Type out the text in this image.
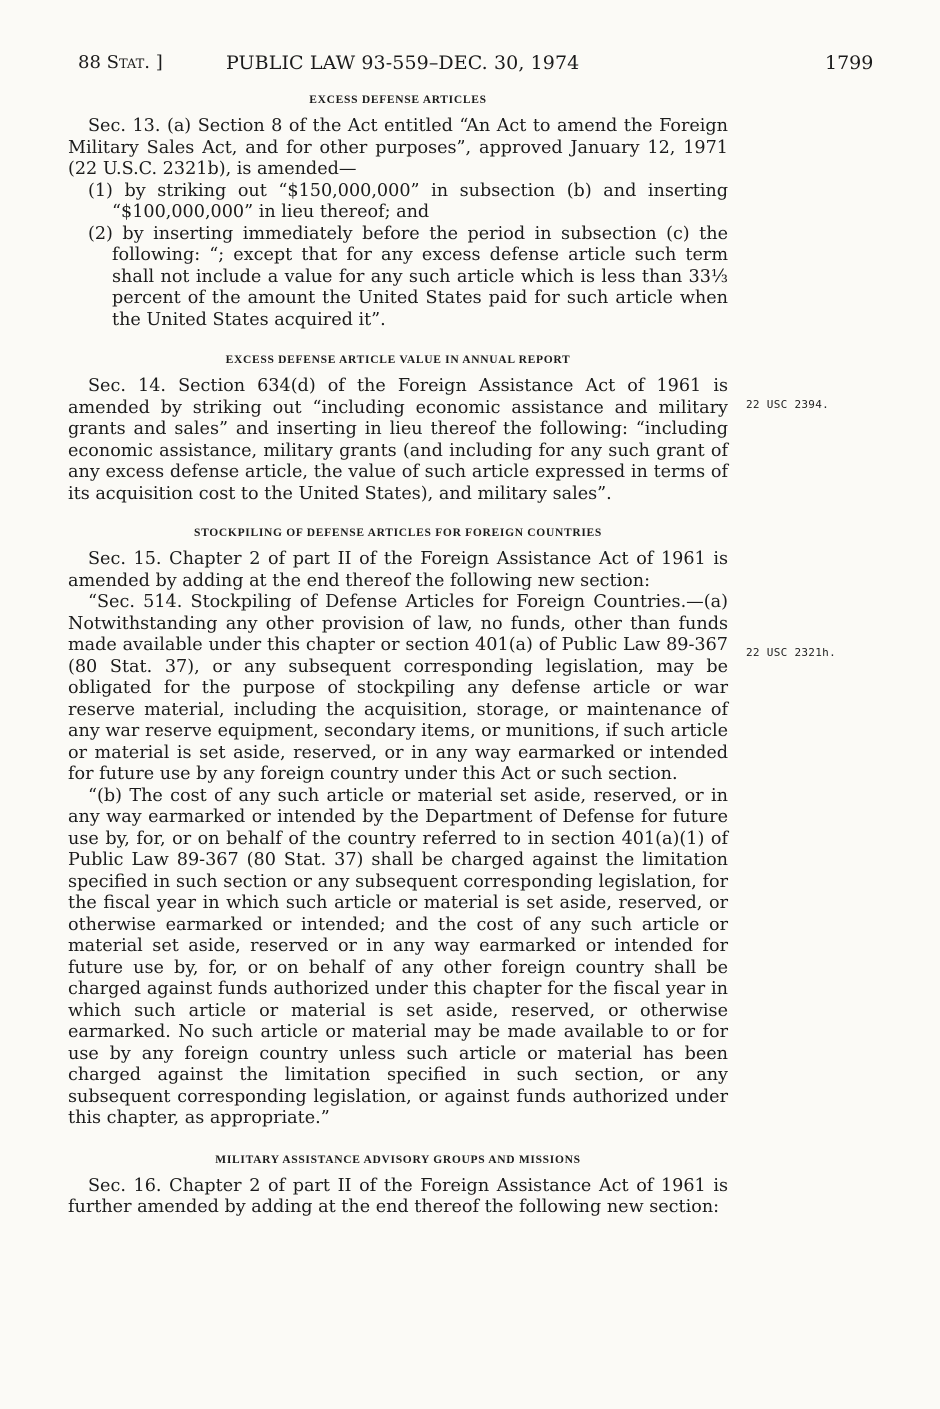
88 Stat. ]	PUBLIC LAW 93-559–DEC. 30, 1974	1799
EXCESS DEFENSE ARTICLES

Sec. 13. (a) Section 8 of the Act entitled “An Act to amend the Foreign Military Sales Act, and for other purposes”, approved January 12, 1971 (22 U.S.C. 2321b), is amended—

(1) by striking out “$150,000,000” in subsection (b) and inserting “$100,000,000” in lieu thereof; and

(2) by inserting immediately before the period in subsection (c) the following: “; except that for any excess defense article such term shall not include a value for any such article which is less than 33⅓ percent of the amount the United States paid for such article when the United States acquired it”.

EXCESS DEFENSE ARTICLE VALUE IN ANNUAL REPORT

Sec. 14. Section 634(d) of the Foreign Assistance Act of 1961 is amended by striking out “including economic assistance and military grants and sales” and inserting in lieu thereof the following: “including economic assistance, military grants (and including for any such grant of any excess defense article, the value of such article expressed in terms of its acquisition cost to the United States), and military sales”.

STOCKPILING OF DEFENSE ARTICLES FOR FOREIGN COUNTRIES

Sec. 15. Chapter 2 of part II of the Foreign Assistance Act of 1961 is amended by adding at the end thereof the following new section:

“Sec. 514. Stockpiling of Defense Articles for Foreign Countries.—(a) Notwithstanding any other provision of law, no funds, other than funds made available under this chapter or section 401(a) of Public Law 89-367 (80 Stat. 37), or any subsequent corresponding legislation, may be obligated for the purpose of stockpiling any defense article or war reserve material, including the acquisition, storage, or maintenance of any war reserve equipment, secondary items, or munitions, if such article or material is set aside, reserved, or in any way earmarked or intended for future use by any foreign country under this Act or such section.

“(b) The cost of any such article or material set aside, reserved, or in any way earmarked or intended by the Department of Defense for future use by, for, or on behalf of the country referred to in section 401(a)(1) of Public Law 89-367 (80 Stat. 37) shall be charged against the limitation specified in such section or any subsequent corresponding legislation, for the fiscal year in which such article or material is set aside, reserved, or otherwise earmarked or intended; and the cost of any such article or material set aside, reserved or in any way earmarked or intended for future use by, for, or on behalf of any other foreign country shall be charged against funds authorized under this chapter for the fiscal year in which such article or material is set aside, reserved, or otherwise earmarked. No such article or material may be made available to or for use by any foreign country unless such article or material has been charged against the limitation specified in such section, or any subsequent corresponding legislation, or against funds authorized under this chapter, as appropriate.”

MILITARY ASSISTANCE ADVISORY GROUPS AND MISSIONS

Sec. 16. Chapter 2 of part II of the Foreign Assistance Act of 1961 is further amended by adding at the end thereof the following new section:

22 USC 2394.
22 USC 2321h.
